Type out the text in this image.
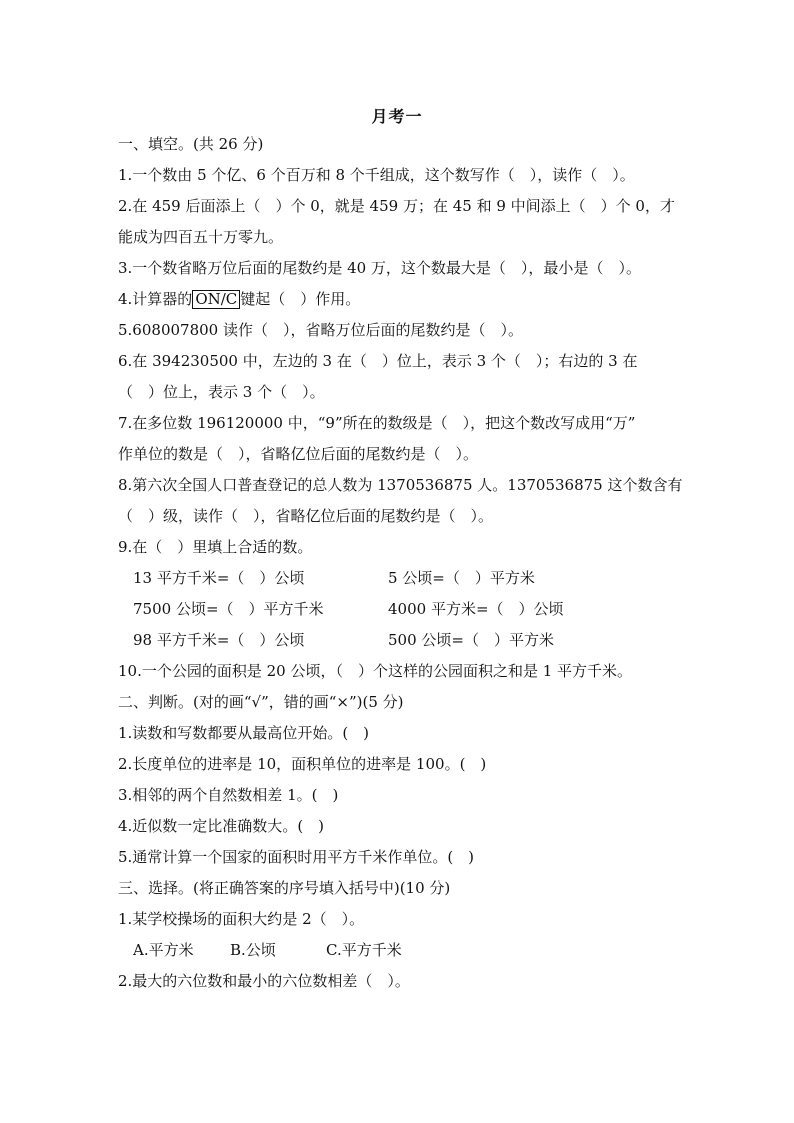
月考一
一、填空。(共 26 分)
1.一个数由 5 个亿、6 个百万和 8 个千组成，这个数写作（　），读作（　）。
2.在 459 后面添上（　）个 0，就是 459 万；在 45 和 9 中间添上（　）个 0，才
能成为四百五十万零九。
3.一个数省略万位后面的尾数约是 40 万，这个数最大是（　），最小是（　）。
4.计算器的 ON/C 键起（　）作用。
5.608007800 读作（　），省略万位后面的尾数约是（　）。
6.在 394230500 中，左边的 3 在（　）位上，表示 3 个（　）；右边的 3 在
（　）位上，表示 3 个（　）。
7.在多位数 196120000 中，“9”所在的数级是（　），把这个数改写成用“万”
作单位的数是（　），省略亿位后面的尾数约是（　）。
8.第六次全国人口普查登记的总人数为 1370536875 人。1370536875 这个数含有
（　）级，读作（　），省略亿位后面的尾数约是（　）。
9.在（　）里填上合适的数。
13 平方千米=（　）公顷	5 公顷=（　）平方米
7500 公顷=（　）平方千米	4000 平方米=（　）公顷
98 平方千米=（　）公顷	500 公顷=（　）平方米
10.一个公园的面积是 20 公顷，（　）个这样的公园面积之和是 1 平方千米。
二、判断。(对的画“√”，错的画“×”)(5 分)
1.读数和写数都要从最高位开始。(　)
2.长度单位的进率是 10，面积单位的进率是 100。(　)
3.相邻的两个自然数相差 1。(　)
4.近似数一定比准确数大。(　)
5.通常计算一个国家的面积时用平方千米作单位。(　)
三、选择。(将正确答案的序号填入括号中)(10 分)
1.某学校操场的面积大约是 2（　）。
A.平方米 B.公顷	C.平方千米
2.最大的六位数和最小的六位数相差（　）。
